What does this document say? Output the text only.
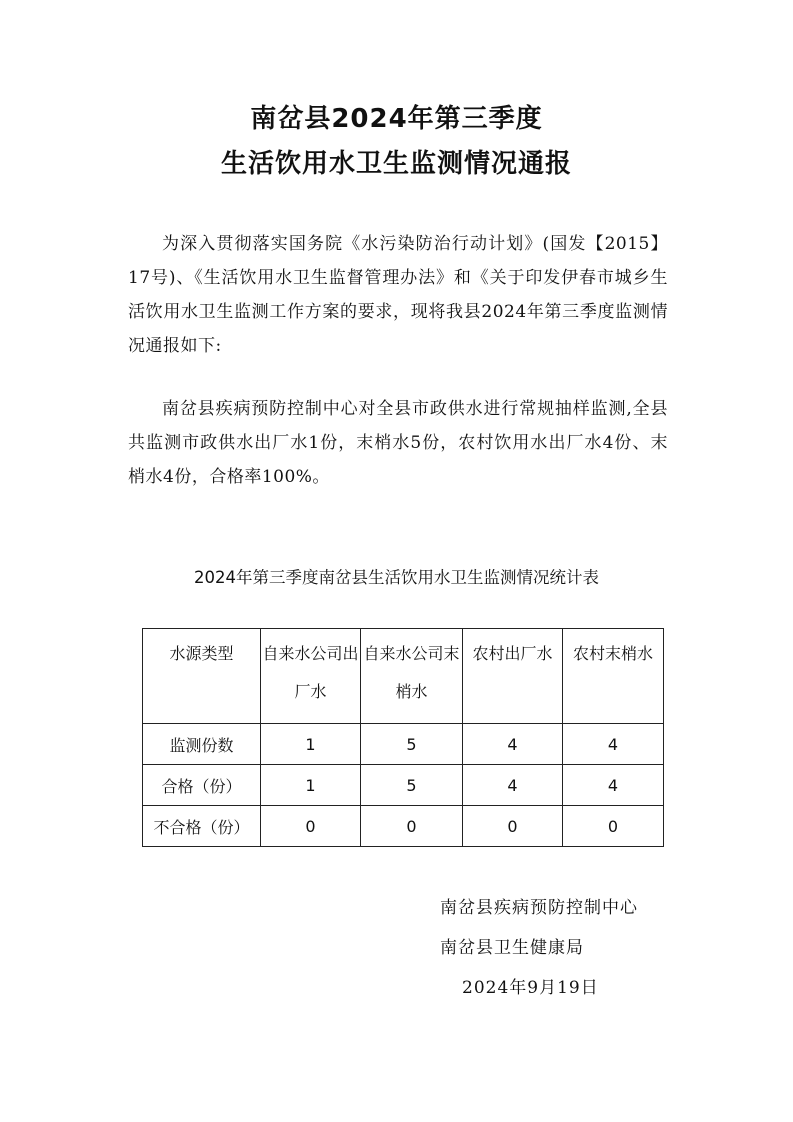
南岔县2024年第三季度
生活饮用水卫生监测情况通报
为深入贯彻落实国务院《水污染防治行动计划》(国发【2015】17号)、《生活饮用水卫生监督管理办法》和《关于印发伊春市城乡生活饮用水卫生监测工作方案的要求，现将我县2024年第三季度监测情况通报如下:
南岔县疾病预防控制中心对全县市政供水进行常规抽样监测,全县共监测市政供水出厂水1份，末梢水5份，农村饮用水出厂水4份、末梢水4份，合格率100%。
2024年第三季度南岔县生活饮用水卫生监测情况统计表
水源类型	自来水公司出厂水	自来水公司末梢水	农村出厂水	农村末梢水
监测份数	1	5	4	4
合格（份）	1	5	4	4
不合格（份）	0	0	0	0
南岔县疾病预防控制中心
南岔县卫生健康局
2024年9月19日
